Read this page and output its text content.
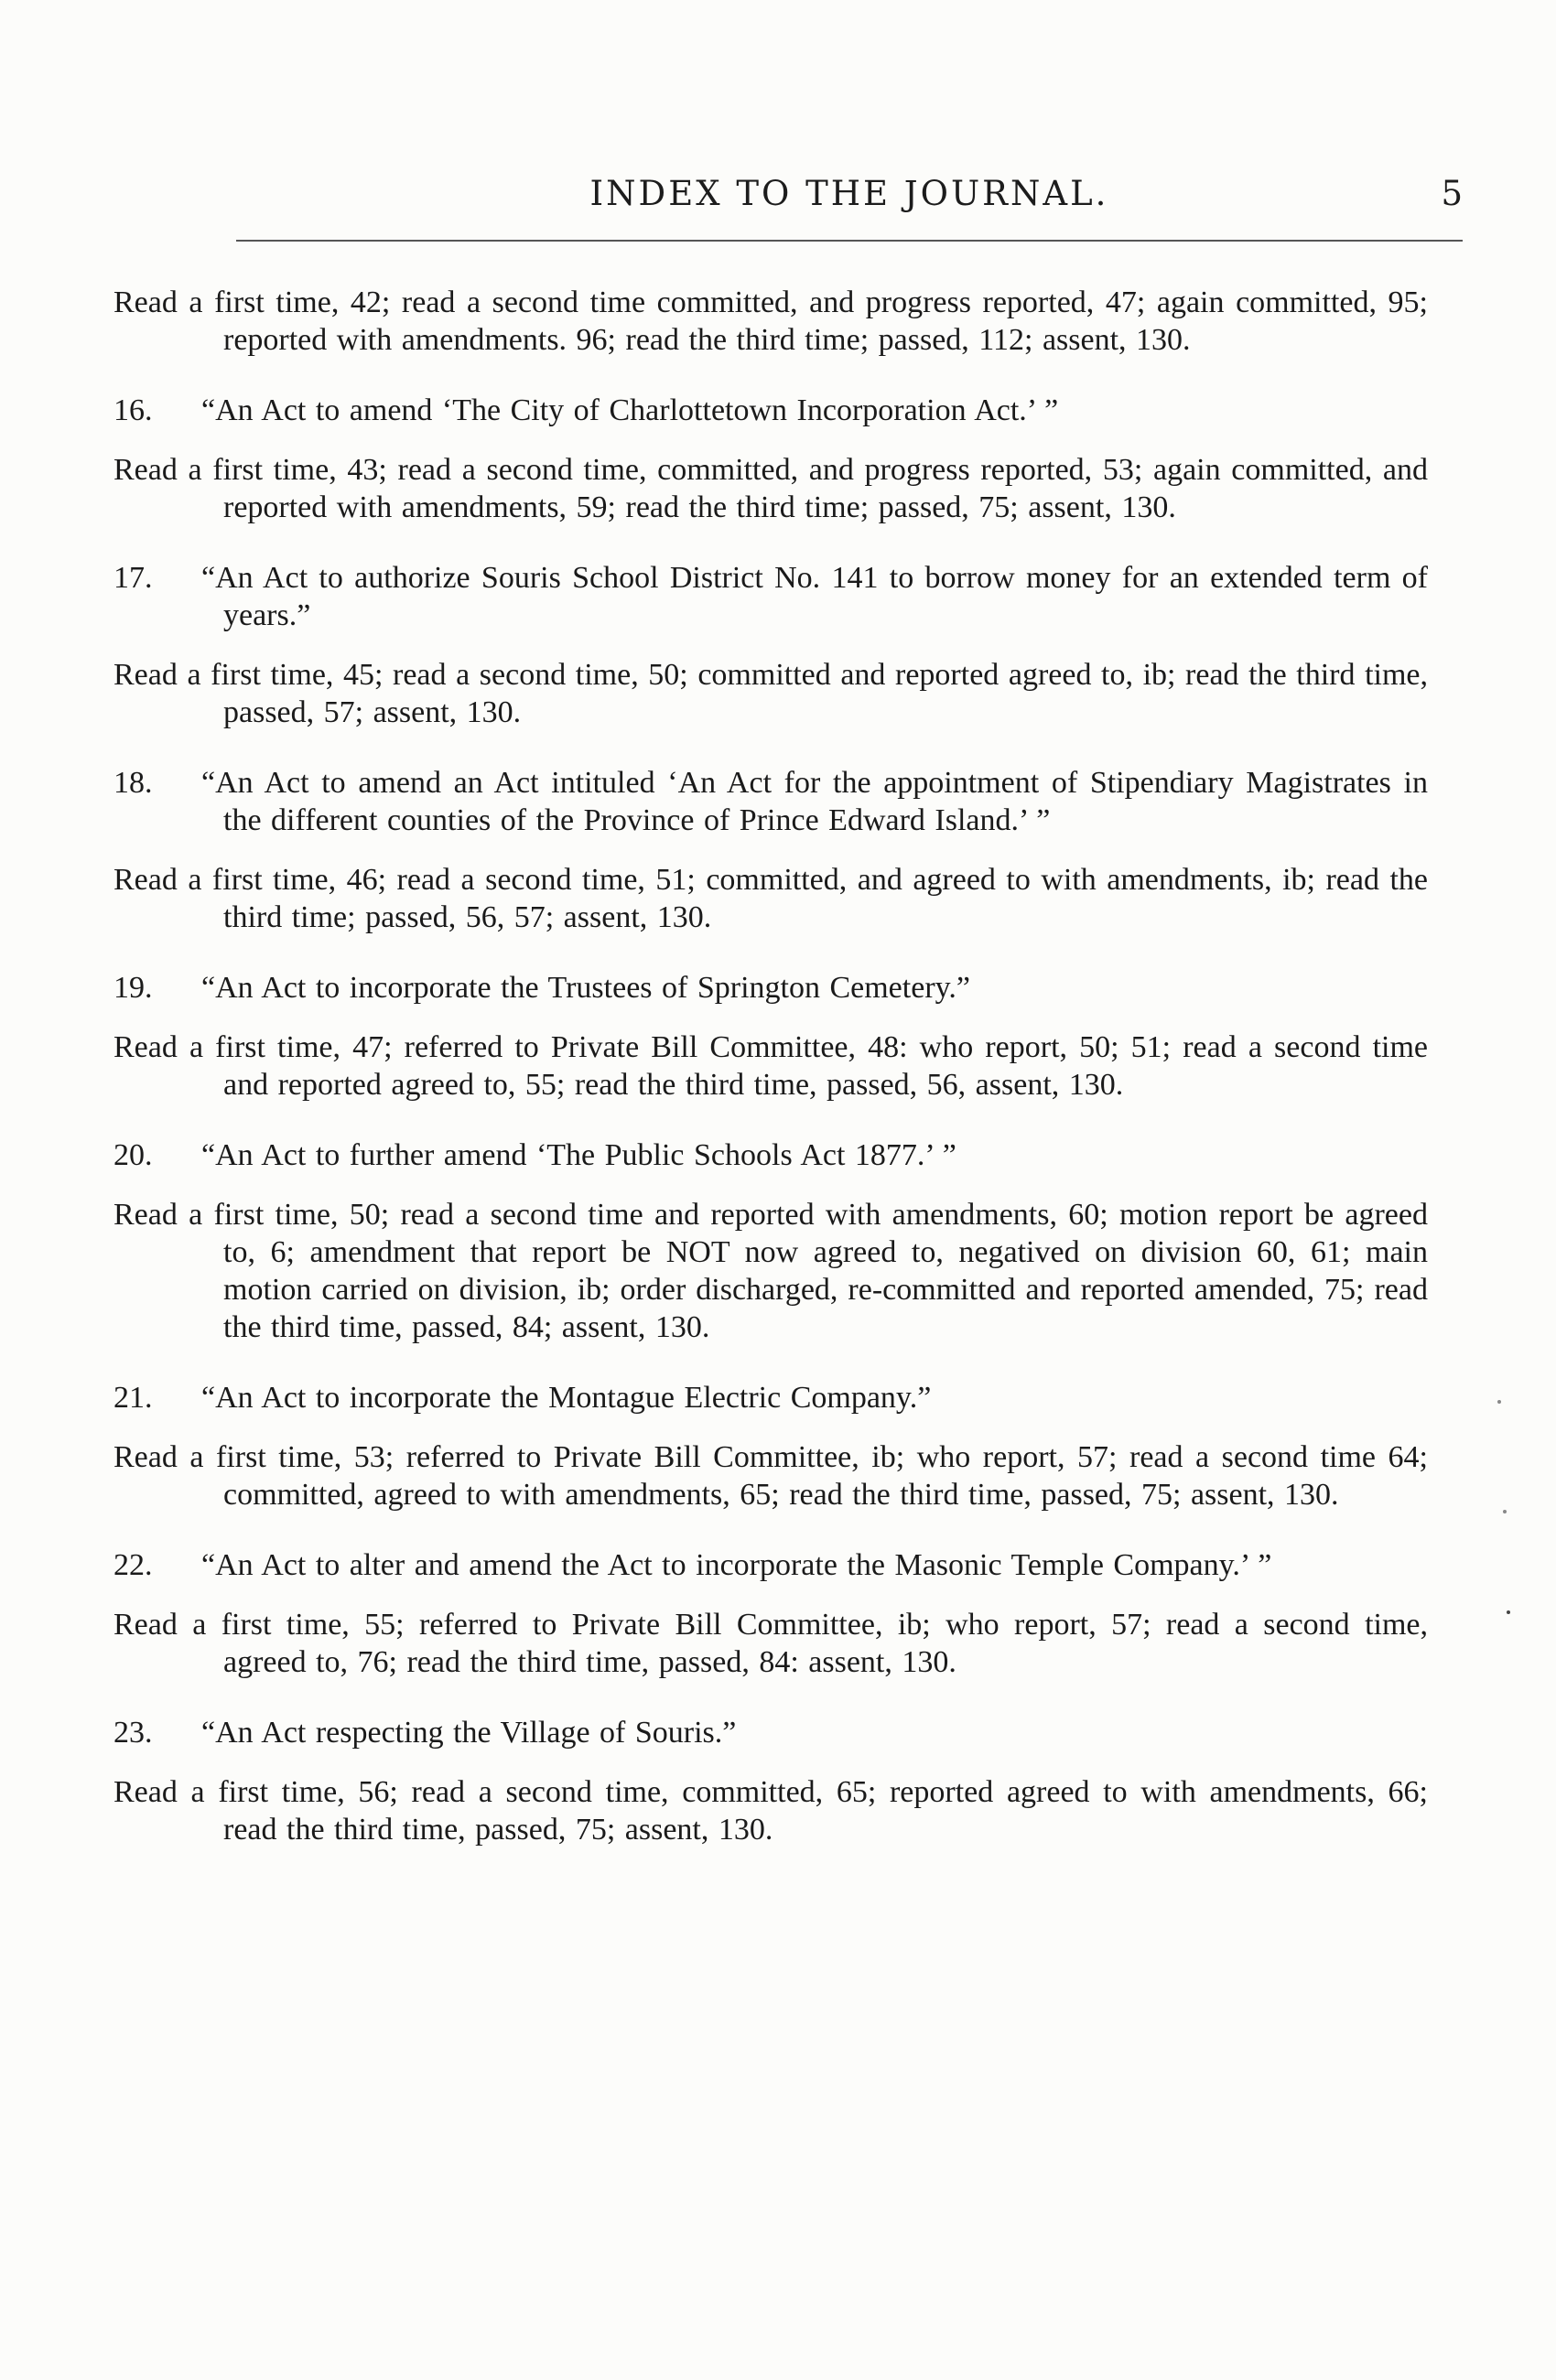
INDEX TO THE JOURNAL.	5

Read a first time, 42; read a second time committed, and progress reported, 47; again committed, 95; reported with amendments. 96; read the third time; passed, 112; assent, 130.

16. “An Act to amend ‘The City of Charlottetown Incorporation Act.’ ”

Read a first time, 43; read a second time, committed, and progress reported, 53; again committed, and reported with amendments, 59; read the third time; passed, 75; assent, 130.

17. “An Act to authorize Souris School District No. 141 to borrow money for an extended term of years.”

Read a first time, 45; read a second time, 50; committed and reported agreed to, ib; read the third time, passed, 57; assent, 130.

18. “An Act to amend an Act intituled ‘An Act for the appointment of Stipendiary Magistrates in the different counties of the Province of Prince Edward Island.’ ”

Read a first time, 46; read a second time, 51; committed, and agreed to with amendments, ib; read the third time; passed, 56, 57; assent, 130.

19. “An Act to incorporate the Trustees of Springton Cemetery.”

Read a first time, 47; referred to Private Bill Committee, 48: who report, 50; 51; read a second time and reported agreed to, 55; read the third time, passed, 56, assent, 130.

20. “An Act to further amend ‘The Public Schools Act 1877.’ ”

Read a first time, 50; read a second time and reported with amendments, 60; motion report be agreed to, 6; amendment that report be NOT now agreed to, negatived on division 60, 61; main motion carried on division, ib; order discharged, re-committed and reported amended, 75; read the third time, passed, 84; assent, 130.

21. “An Act to incorporate the Montague Electric Company.”

Read a first time, 53; referred to Private Bill Committee, ib; who report, 57; read a second time 64; committed, agreed to with amendments, 65; read the third time, passed, 75; assent, 130.

22. “An Act to alter and amend the Act to incorporate the Masonic Temple Company.’ ”

Read a first time, 55; referred to Private Bill Committee, ib; who report, 57; read a second time, agreed to, 76; read the third time, passed, 84: assent, 130.

23. “An Act respecting the Village of Souris.”

Read a first time, 56; read a second time, committed, 65; reported agreed to with amendments, 66; read the third time, passed, 75; assent, 130.
